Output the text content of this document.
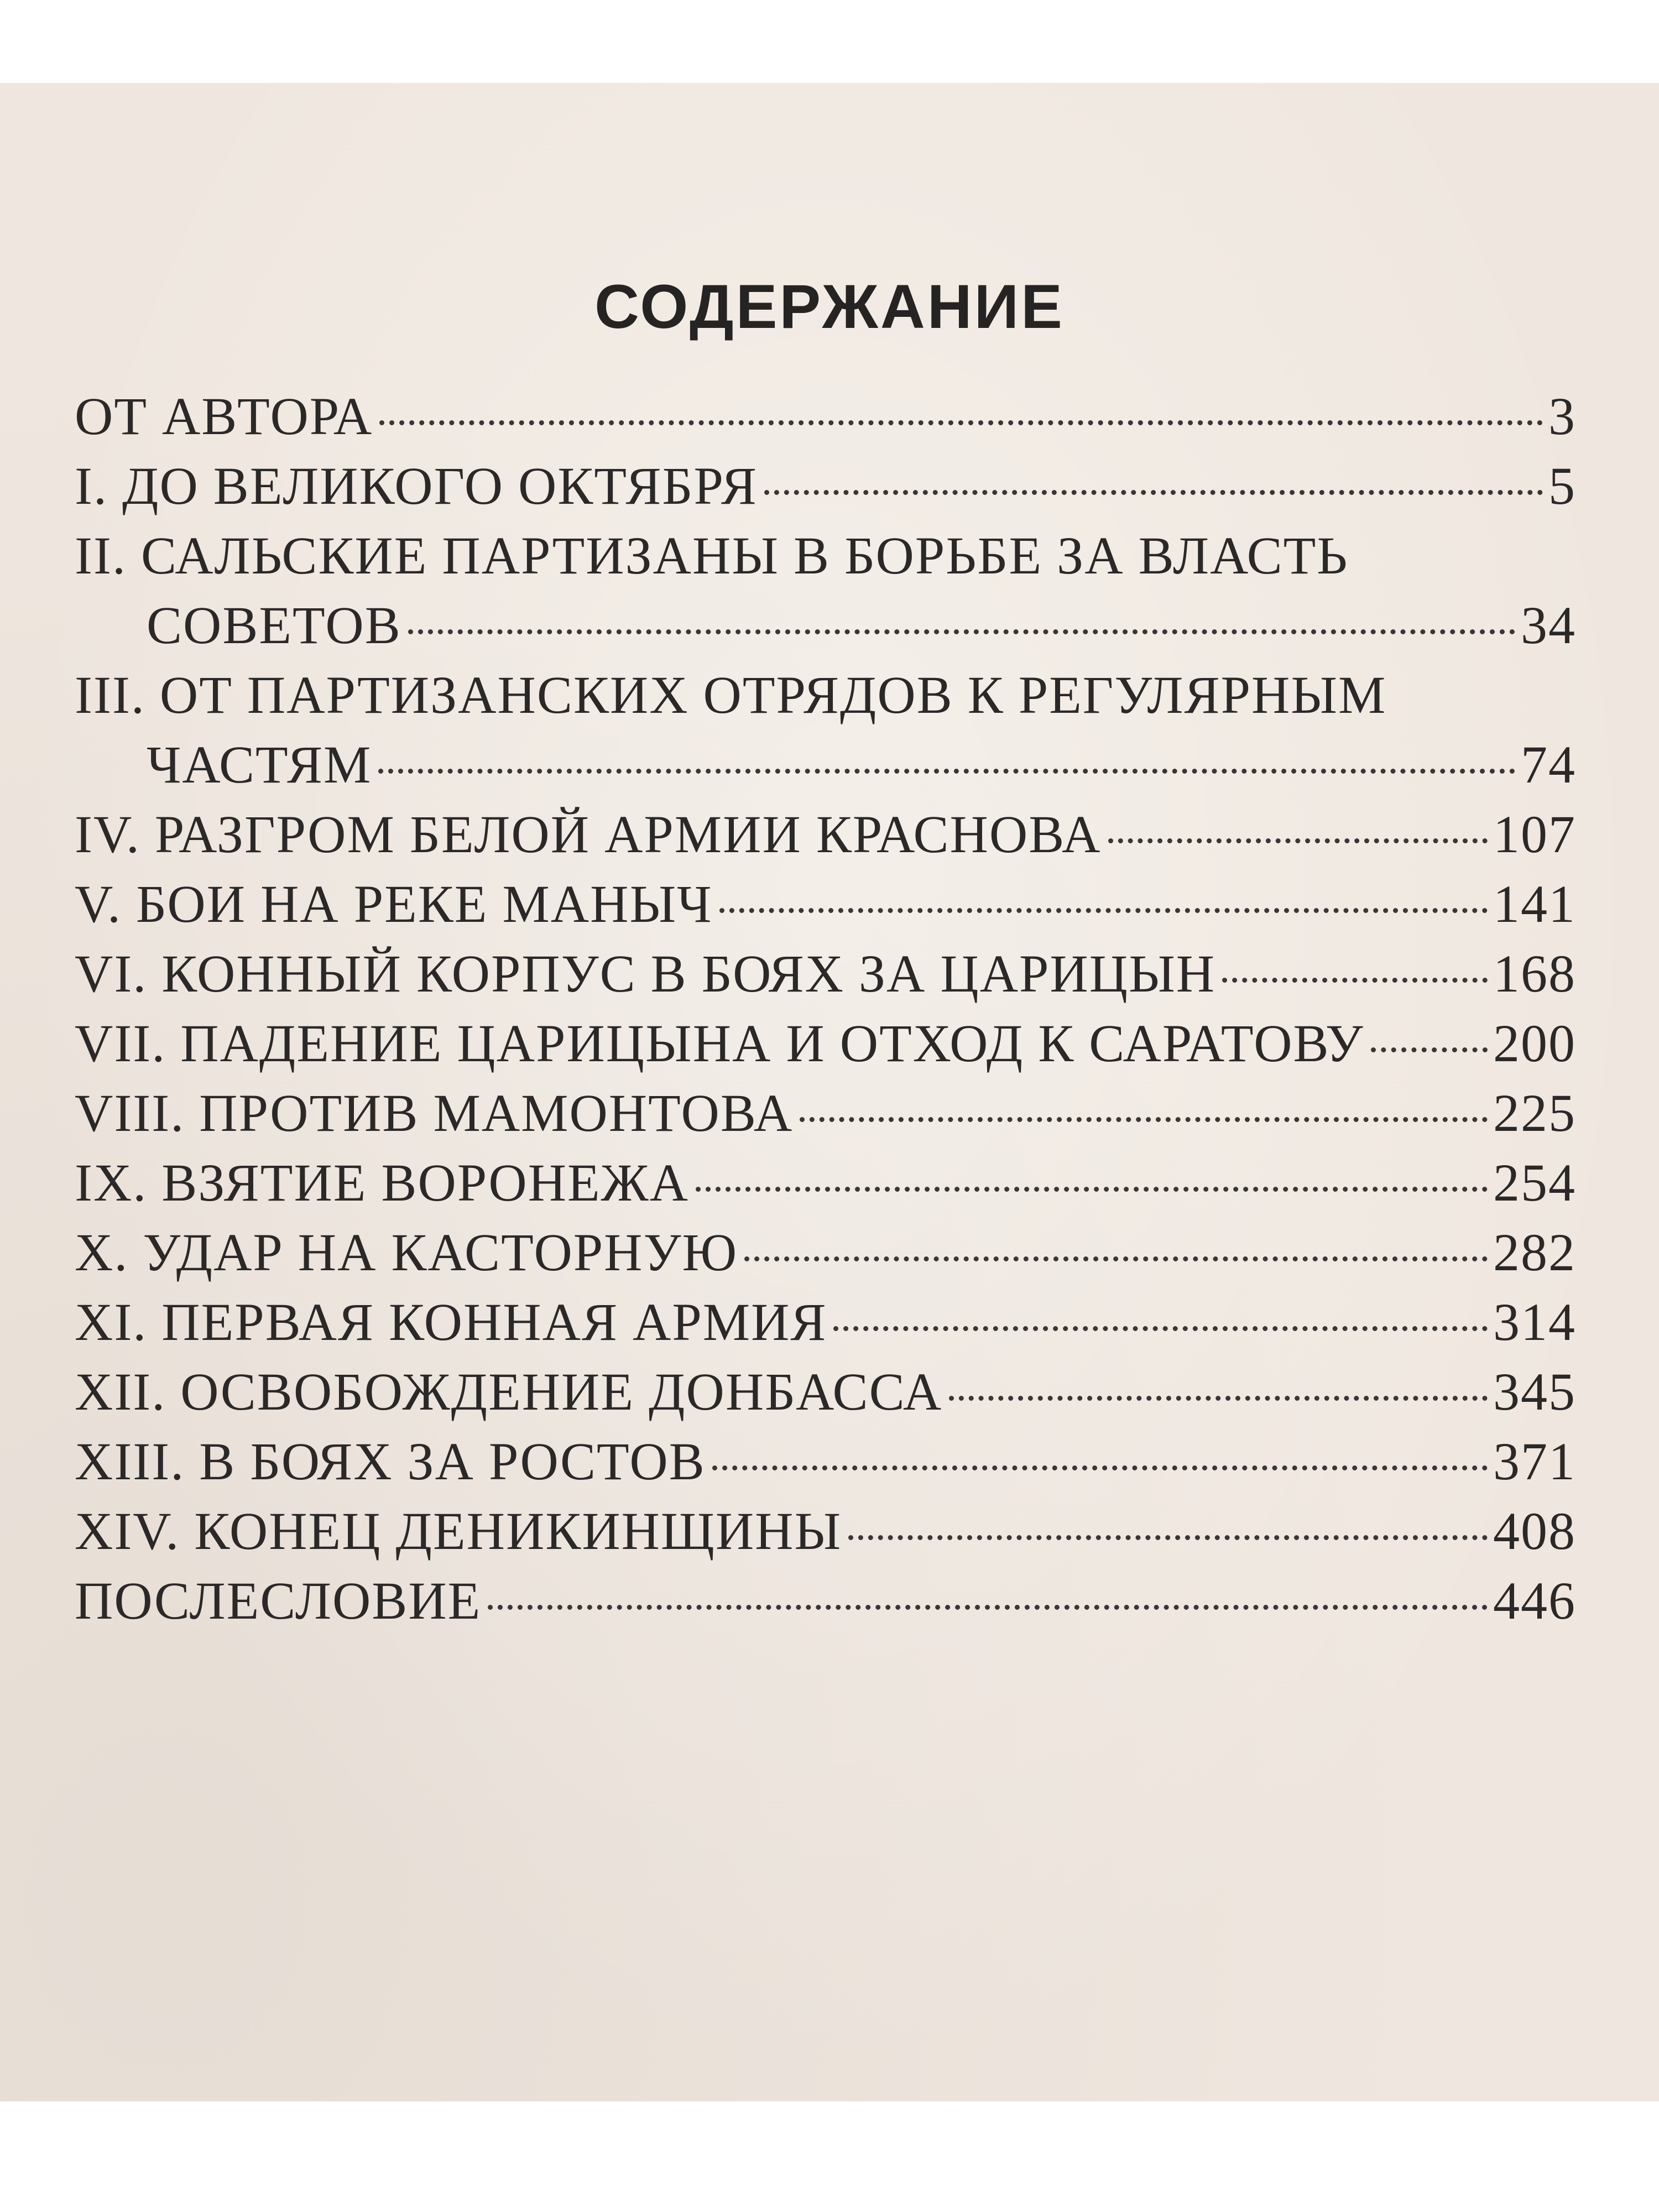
СОДЕРЖАНИЕ
ОТ АВТОРА	3
I. ДО ВЕЛИКОГО ОКТЯБРЯ	5
II. САЛЬСКИЕ ПАРТИЗАНЫ В БОРЬБЕ ЗА ВЛАСТЬ
СОВЕТОВ	34
III. ОТ ПАРТИЗАНСКИХ ОТРЯДОВ К РЕГУЛЯРНЫМ
ЧАСТЯМ	74
IV. РАЗГРОМ БЕЛОЙ АРМИИ КРАСНОВА	107
V. БОИ НА РЕКЕ МАНЫЧ	141
VI. КОННЫЙ КОРПУС В БОЯХ ЗА ЦАРИЦЫН	168
VII. ПАДЕНИЕ ЦАРИЦЫНА И ОТХОД К САРАТОВУ 200
VIII. ПРОТИВ МАМОНТОВА	225
IX. ВЗЯТИЕ ВОРОНЕЖА	254
X. УДАР НА КАСТОРНУЮ	282
XI. ПЕРВАЯ КОННАЯ АРМИЯ	314
XII. ОСВОБОЖДЕНИЕ ДОНБАССА	345
XIII. В БОЯХ ЗА РОСТОВ	371
XIV. КОНЕЦ ДЕНИКИНЩИНЫ	408
ПОСЛЕСЛОВИЕ	446
